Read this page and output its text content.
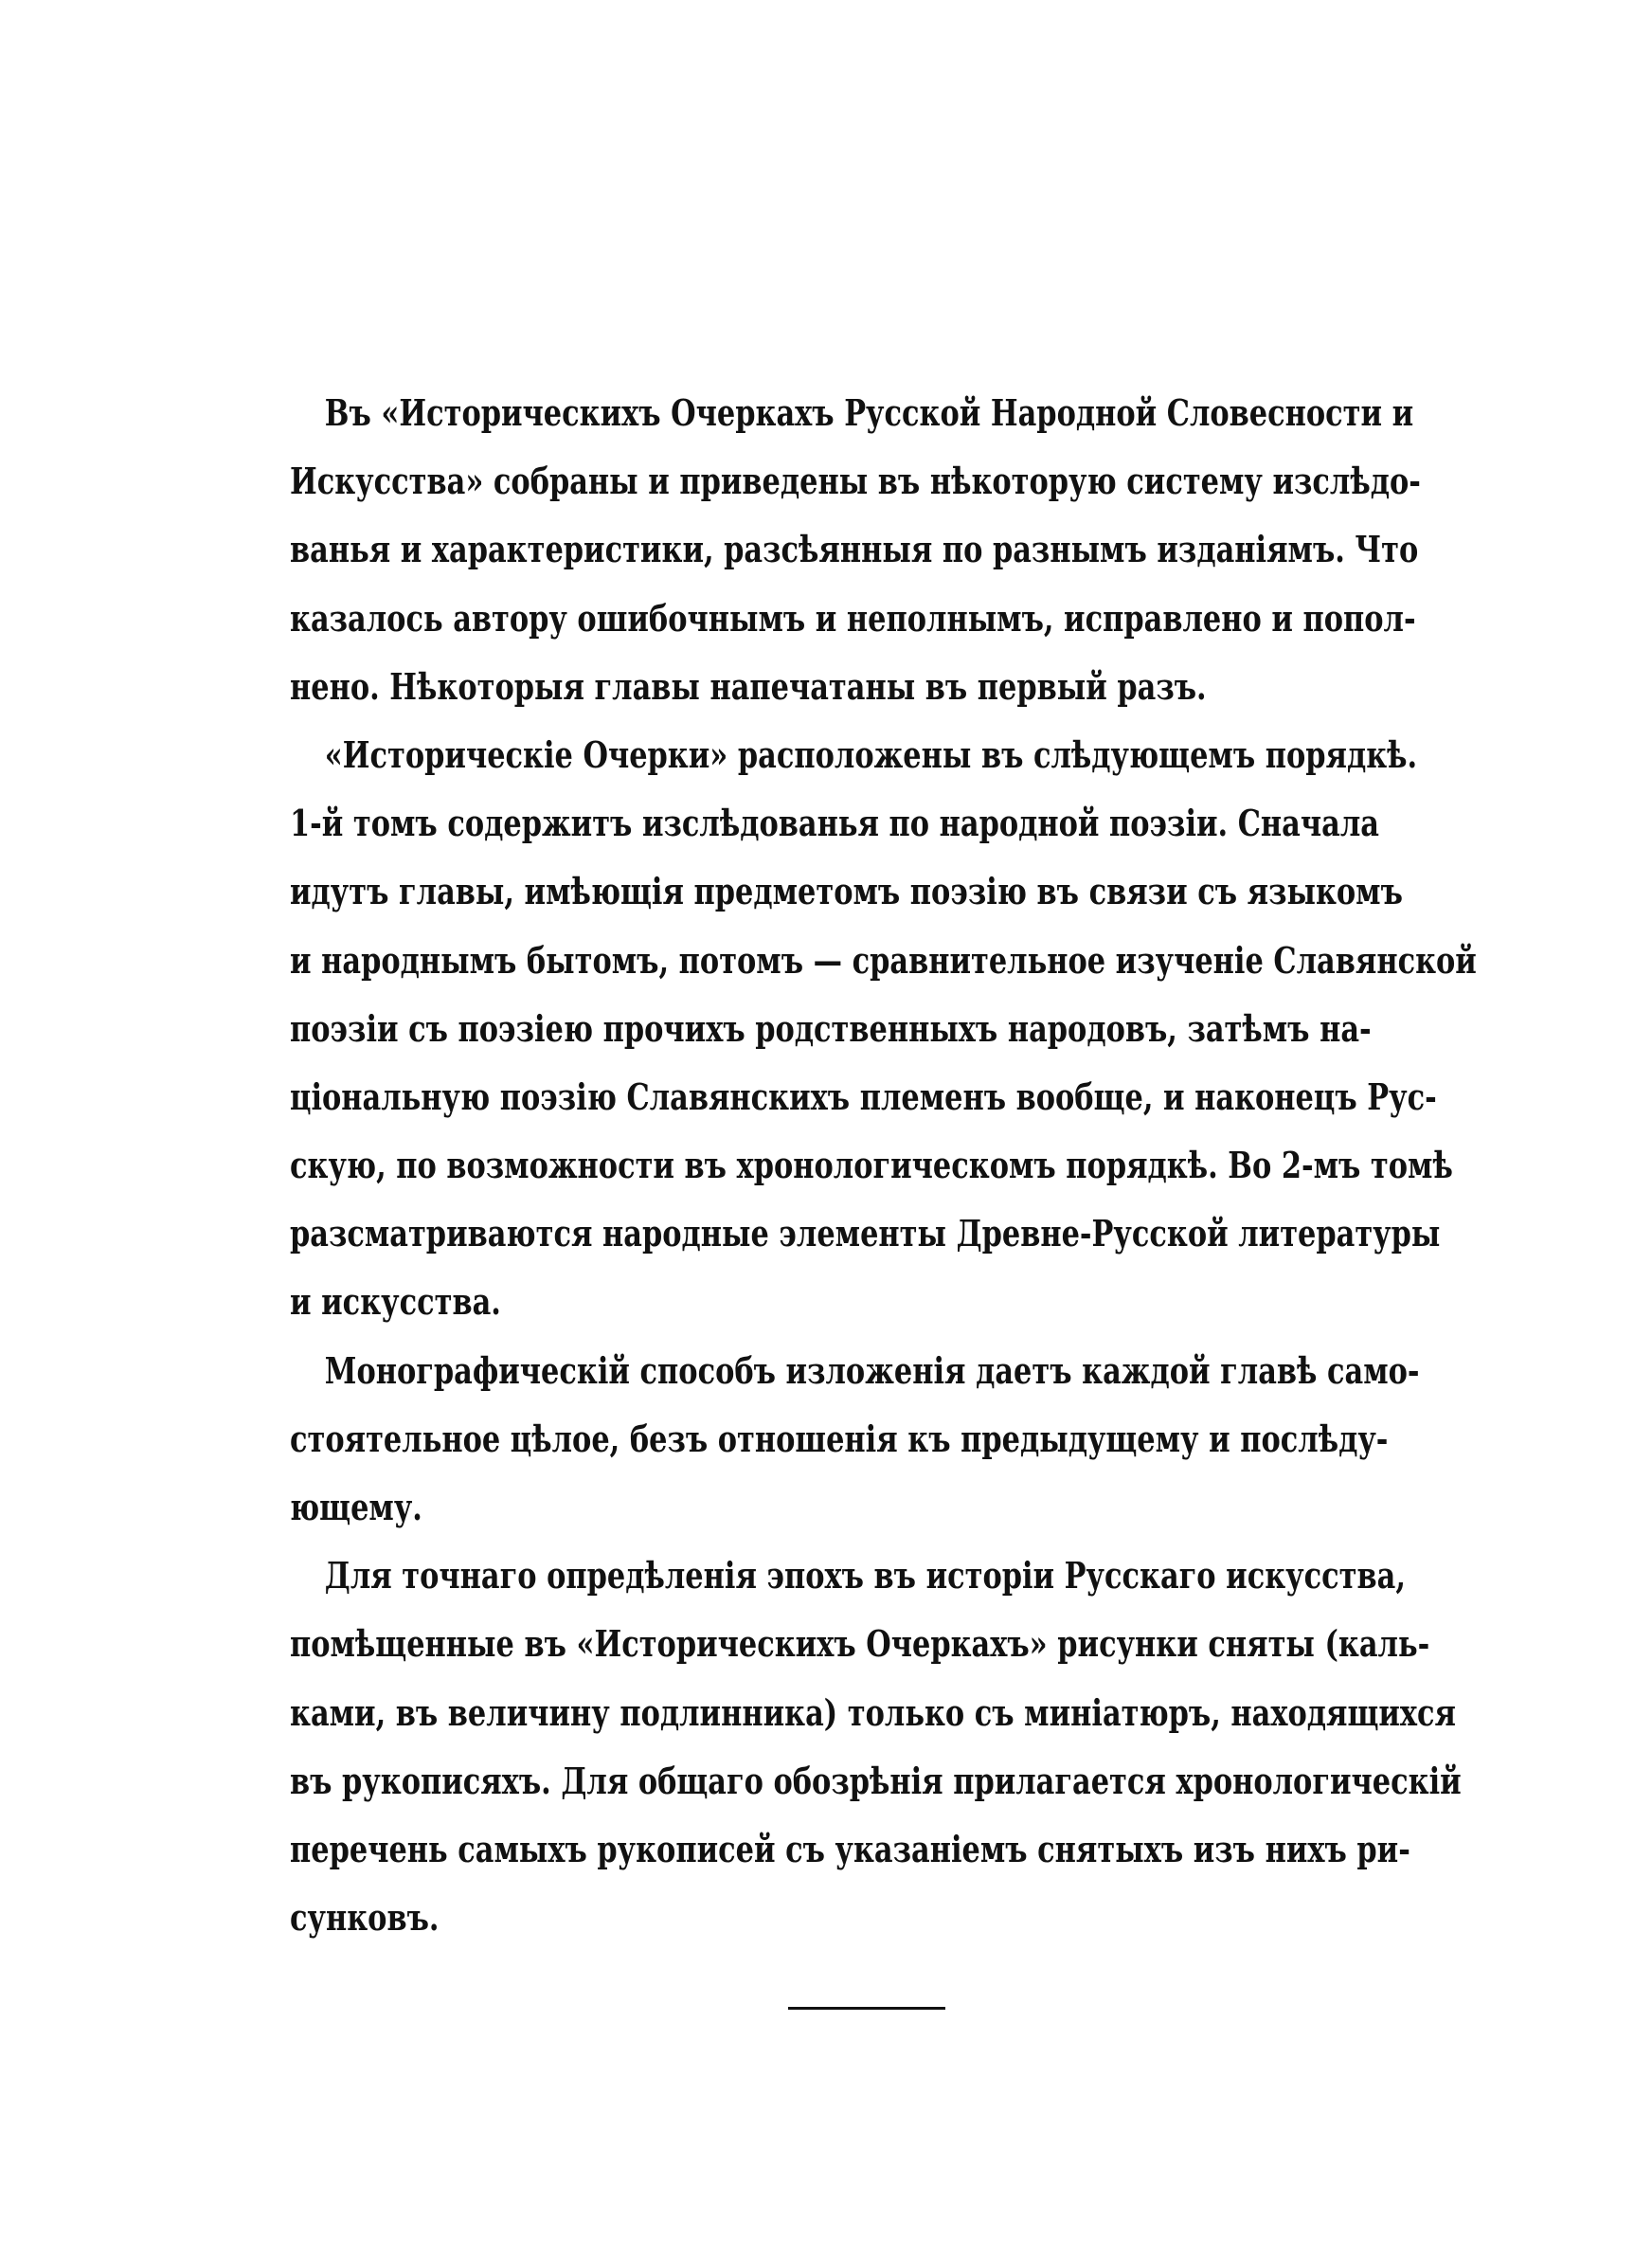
Въ «Историческихъ Очеркахъ Русской Народной Словесности и
Искусства» собраны и приведены въ нѣкоторую систему изслѣдо-
ванья и характеристики, разсѣянныя по разнымъ изданіямъ. Что
казалось автору ошибочнымъ и неполнымъ, исправлено и попол-
нено. Нѣкоторыя главы напечатаны въ первый разъ.

«Историческіе Очерки» расположены въ слѣдующемъ порядкѣ.
1-й томъ содержитъ изслѣдованья по народной поэзіи. Сначала
идутъ главы, имѣющія предметомъ поэзію въ связи съ языкомъ
и народнымъ бытомъ, потомъ — сравнительное изученіе Славянской
поэзіи съ поэзіею прочихъ родственныхъ народовъ, затѣмъ на-
ціональную поэзію Славянскихъ племенъ вообще, и наконецъ Рус-
скую, по возможности въ хронологическомъ порядкѣ. Во 2-мъ томѣ
разсматриваются народные элементы Древне-Русской литературы
и искусства.

Монографическій способъ изложенія даетъ каждой главѣ само-
стоятельное цѣлое, безъ отношенія къ предыдущему и послѣду-
ющему.

Для точнаго опредѣленія эпохъ въ исторіи Русскаго искусства,
помѣщенные въ «Историческихъ Очеркахъ» рисунки сняты (каль-
ками, въ величину подлинника) только съ миніатюръ, находящихся
въ рукописяхъ. Для общаго обозрѣнія прилагается хронологическій
перечень самыхъ рукописей съ указаніемъ снятыхъ изъ нихъ ри-
сунковъ.
